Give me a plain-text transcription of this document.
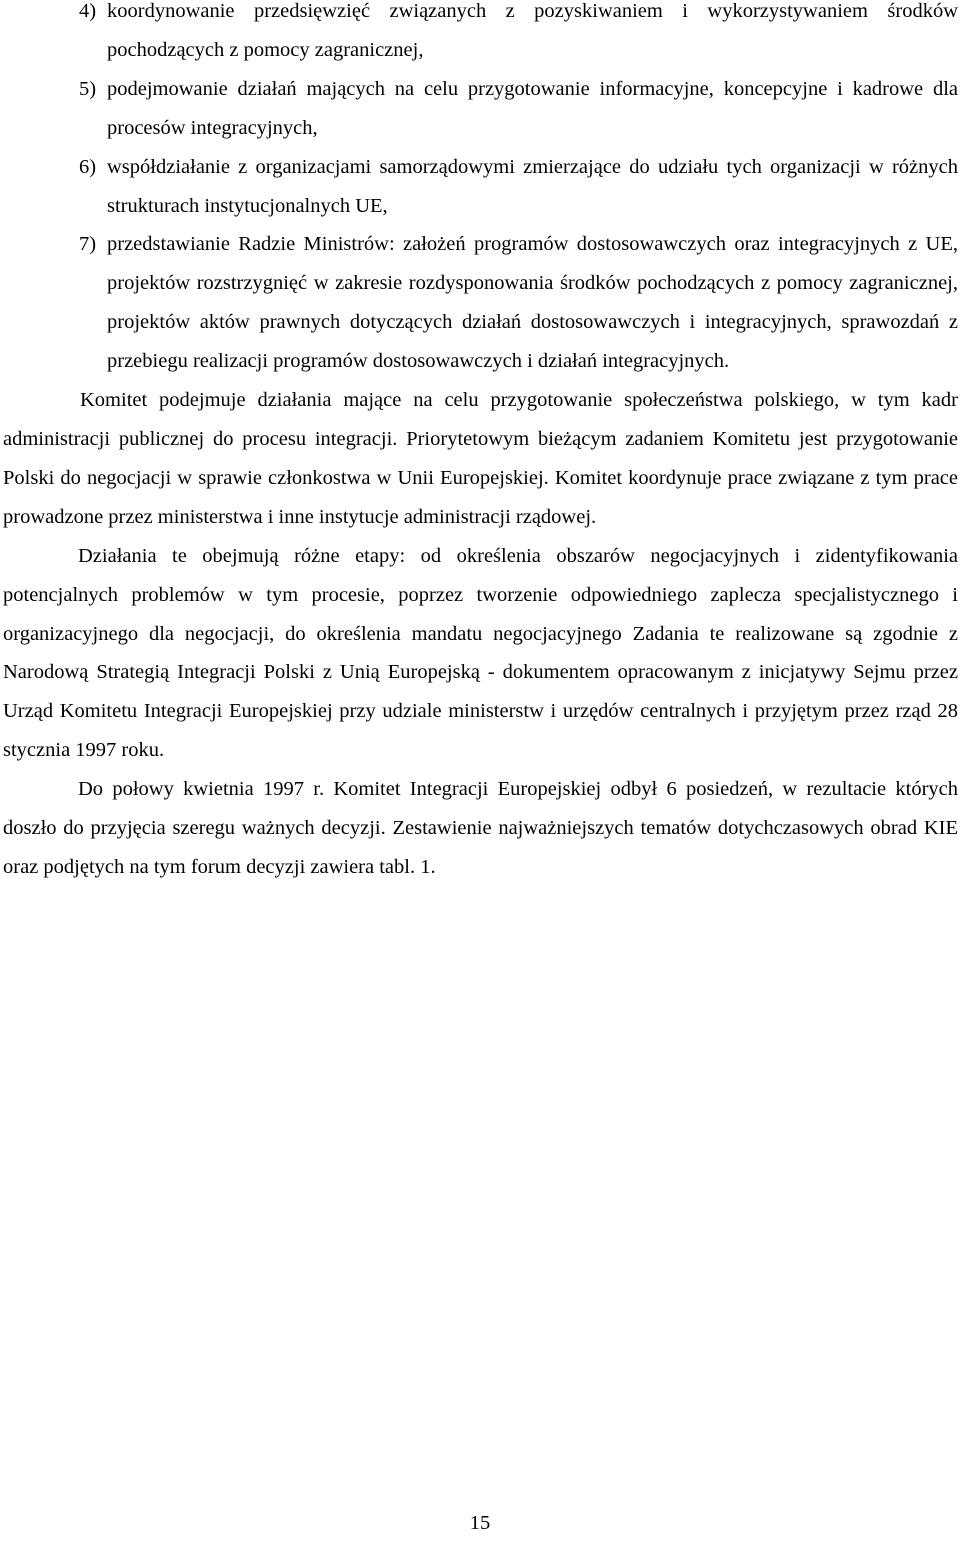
4) koordynowanie przedsięwzięć związanych z pozyskiwaniem i wykorzystywaniem środków pochodzących z pomocy zagranicznej,
5) podejmowanie działań mających na celu przygotowanie informacyjne, koncepcyjne i kadrowe dla procesów integracyjnych,
6) współdziałanie z organizacjami samorządowymi zmierzające do udziału tych organizacji w różnych strukturach instytucjonalnych UE,
7) przedstawianie Radzie Ministrów: założeń programów dostosowawczych oraz integracyjnych z UE, projektów rozstrzygnięć w zakresie rozdysponowania środków pochodzących z pomocy zagranicznej, projektów aktów prawnych dotyczących działań dostosowawczych i integracyjnych, sprawozdań z przebiegu realizacji programów dostosowawczych i działań integracyjnych.

Komitet podejmuje działania mające na celu przygotowanie społeczeństwa polskiego, w tym kadr administracji publicznej do procesu integracji. Priorytetowym bieżącym zadaniem Komitetu jest przygotowanie Polski do negocjacji w sprawie członkostwa w Unii Europejskiej. Komitet koordynuje prace związane z tym prace prowadzone przez ministerstwa i inne instytucje administracji rządowej.

Działania te obejmują różne etapy: od określenia obszarów negocjacyjnych i zidentyfikowania potencjalnych problemów w tym procesie, poprzez tworzenie odpowiedniego zaplecza specjalistycznego i organizacyjnego dla negocjacji, do określenia mandatu negocjacyjnego Zadania te realizowane są zgodnie z Narodową Strategią Integracji Polski z Unią Europejską - dokumentem opracowanym z inicjatywy Sejmu przez Urząd Komitetu Integracji Europejskiej przy udziale ministerstw i urzędów centralnych i przyjętym przez rząd 28 stycznia 1997 roku.

Do połowy kwietnia 1997 r. Komitet Integracji Europejskiej odbył 6 posiedzeń, w rezultacie których doszło do przyjęcia szeregu ważnych decyzji. Zestawienie najważniejszych tematów dotychczasowych obrad KIE oraz podjętych na tym forum decyzji zawiera tabl. 1.

15
